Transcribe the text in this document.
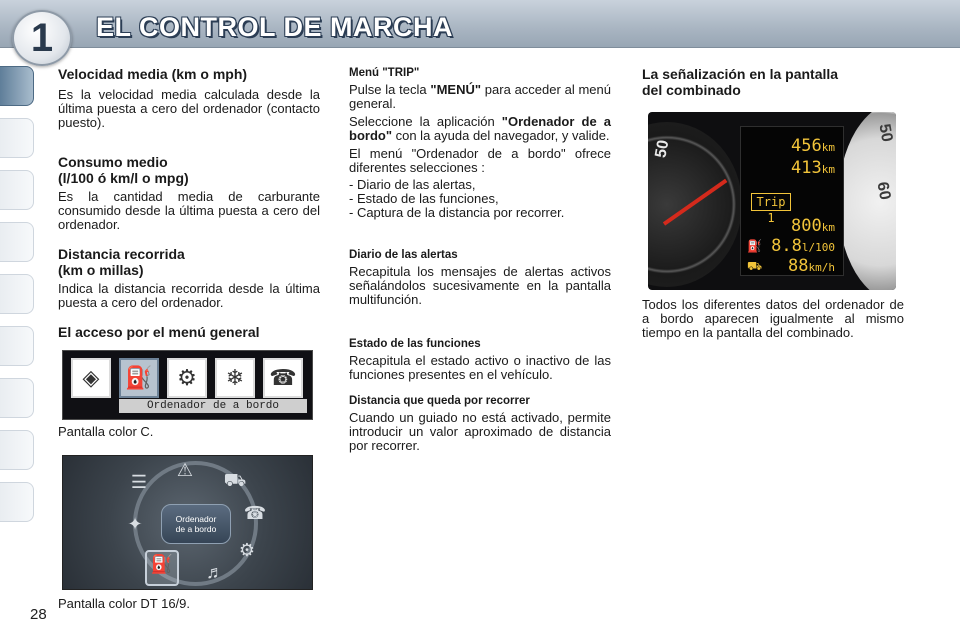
1 EL CONTROL DE MARCHA
28
Velocidad media (km o mph)

Es la velocidad media calculada desde la última puesta a cero del ordenador (contacto puesto).

Consumo medio
(l/100 ó km/l o mpg)

Es la cantidad media de carburante consumido desde la última puesta a cero del ordenador.

Distancia recorrida
(km o millas)

Indica la distancia recorrida desde la última puesta a cero del ordenador.

El acceso por el menú general
◈	⛽	⚙	❄	☎
Ordenador de a bordo
Pantalla color C.
Ordenador
de a bordo
⚠ ⛟
☎
⚙
⛽	♬
✦
☰
Pantalla color DT 16/9.
Menú "TRIP"

Pulse la tecla "MENÚ" para acceder al menú general.

Seleccione la aplicación "Ordenador de a bordo" con la ayuda del navegador, y valide.

El menú "Ordenador de a bordo" ofrece diferentes selecciones :

- Diario de las alertas,
- Estado de las funciones,
- Captura de la distancia por recorrer.
Diario de las alertas

Recapitula los mensajes de alertas activos señalándolos sucesivamente en la pantalla multifunción.

Estado de las funciones

Recapitula el estado activo o inactivo de las funciones presentes en el vehículo.

Distancia que queda por recorrer

Cuando un guiado no está activado, permite introducir un valor aproximado de distancia por recorrer.

La señalización en la pantalla
del combinado

Todos los diferentes datos del ordenador de a bordo aparecen igualmente al mismo tiempo en la pantalla del combinado.

50
50
60
456km
413km
Trip 1 800km
⛽ 8.8l/100
⛟ 88km/h
